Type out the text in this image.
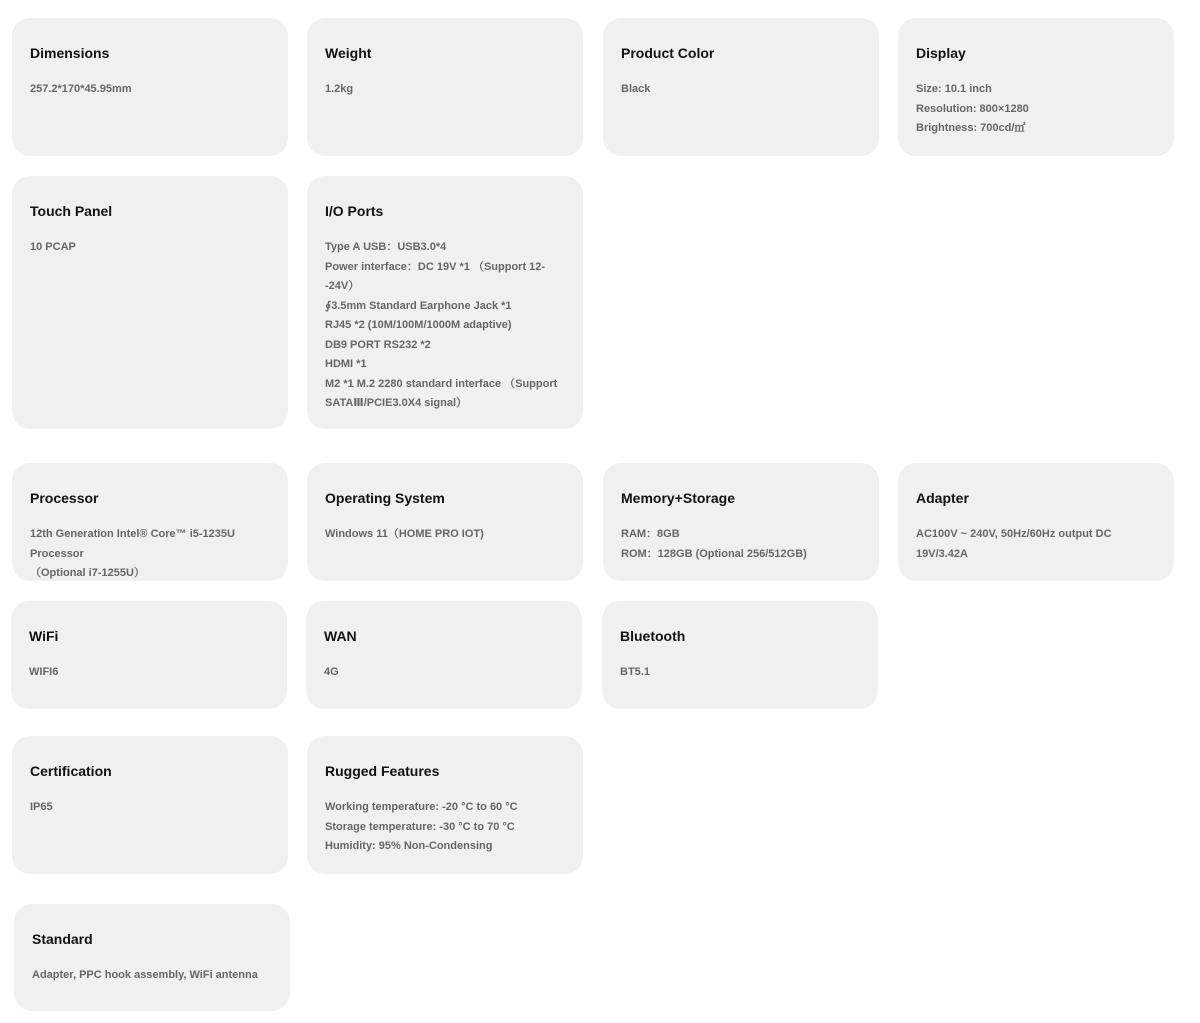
Dimensions
257.2*170*45.95mm
Weight
1.2kg
Product Color
Black
Display
Size: 10.1 inch
Resolution: 800×1280
Brightness: 700cd/㎡
Touch Panel
10 PCAP
I/O Ports
Type A USB：USB3.0*4
Power interface：DC 19V *1 （Support 12-
-24V）
∮3.5mm Standard Earphone Jack *1
RJ45 *2 (10M/100M/1000M adaptive)
DB9 PORT RS232 *2
HDMI *1
M2 *1 M.2 2280 standard interface （Support
SATAⅢ/PCIE3.0X4 signal）
Processor
12th Generation Intel® Core™ i5-1235U Processor
（Optional i7-1255U）
Operating System
Windows 11（HOME PRO IOT)
Memory+Storage
RAM：8GB
ROM：128GB (Optional 256/512GB)
Adapter
AC100V ~ 240V, 50Hz/60Hz output DC 19V/3.42A
WiFi
WIFI6
WAN
4G
Bluetooth
BT5.1
Certification
IP65
Rugged Features
Working temperature: -20 °C to 60 °C
Storage temperature: -30 °C to 70 °C
Humidity: 95% Non-Condensing
Standard
Adapter, PPC hook assembly, WiFi antenna
